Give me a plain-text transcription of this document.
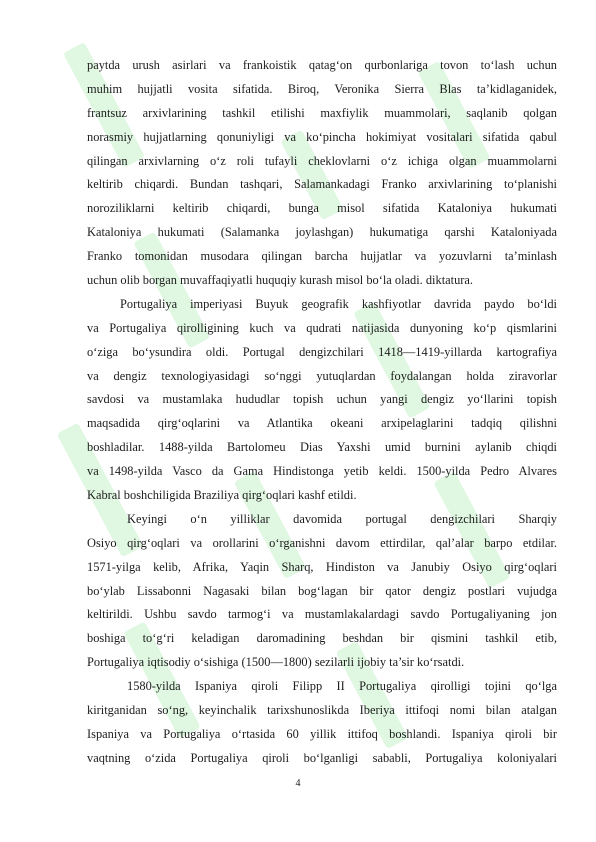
paytda urush asirlari va frankoistik qatag‘on qurbonlariga tovon to‘lash uchun
muhim hujjatli vosita sifatida. Biroq, Veronika Sierra Blas ta’kidlaganidek,
frantsuz arxivlarining tashkil etilishi maxfiylik muammolari, saqlanib qolgan
norasmiy hujjatlarning qonuniyligi va ko‘pincha hokimiyat vositalari sifatida qabul
qilingan arxivlarning o‘z roli tufayli cheklovlarni o‘z ichiga olgan muammolarni
keltirib chiqardi. Bundan tashqari, Salamankadagi Franko arxivlarining to‘planishi
noroziliklarni keltirib chiqardi, bunga misol sifatida Kataloniya hukumati
Kataloniya hukumati (Salamanka joylashgan) hukumatiga qarshi Kataloniyada
Franko tomonidan musodara qilingan barcha hujjatlar va yozuvlarni ta’minlash
uchun olib borgan muvaffaqiyatli huquqiy kurash misol bo‘la oladi. diktatura.
Portugaliya imperiyasi Buyuk geografik kashfiyotlar davrida paydo bo‘ldi
va Portugaliya qirolligining kuch va qudrati natijasida dunyoning ko‘p qismlarini
o‘ziga bo‘ysundira oldi. Portugal dengizchilari 1418—1419-yillarda kartografiya
va dengiz texnologiyasidagi so‘nggi yutuqlardan foydalangan holda ziravorlar
savdosi va mustamlaka hududlar topish uchun yangi dengiz yo‘llarini topish
maqsadida qirg‘oqlarini va Atlantika okeani arxipelaglarini tadqiq qilishni
boshladilar. 1488-yilda Bartolomeu Dias Yaxshi umid burnini aylanib chiqdi
va 1498-yilda Vasco da Gama Hindistonga yetib keldi. 1500-yilda Pedro Alvares
Kabral boshchiligida Braziliya qirg‘oqlari kashf etildi.
Keyingi o‘n yilliklar davomida portugal dengizchilari Sharqiy
Osiyo qirg‘oqlari va orollarini o‘rganishni davom ettirdilar, qal’alar barpo etdilar.
1571-yilga kelib, Afrika, Yaqin Sharq, Hindiston va Janubiy Osiyo qirg‘oqlari
bo‘ylab Lissabonni Nagasaki bilan bog‘lagan bir qator dengiz postlari vujudga
keltirildi. Ushbu savdo tarmog‘i va mustamlakalardagi savdo Portugaliyaning jon
boshiga to‘g‘ri keladigan daromadining beshdan bir qismini tashkil etib,
Portugaliya iqtisodiy o‘sishiga (1500—1800) sezilarli ijobiy ta’sir ko‘rsatdi.
1580-yilda Ispaniya qiroli Filipp II Portugaliya qirolligi tojini qo‘lga
kiritganidan so‘ng, keyinchalik tarixshunoslikda Iberiya ittifoqi nomi bilan atalgan
Ispaniya va Portugaliya o‘rtasida 60 yillik ittifoq boshlandi. Ispaniya qiroli bir
vaqtning o‘zida Portugaliya qiroli bo‘lganligi sababli, Portugaliya koloniyalari
4
